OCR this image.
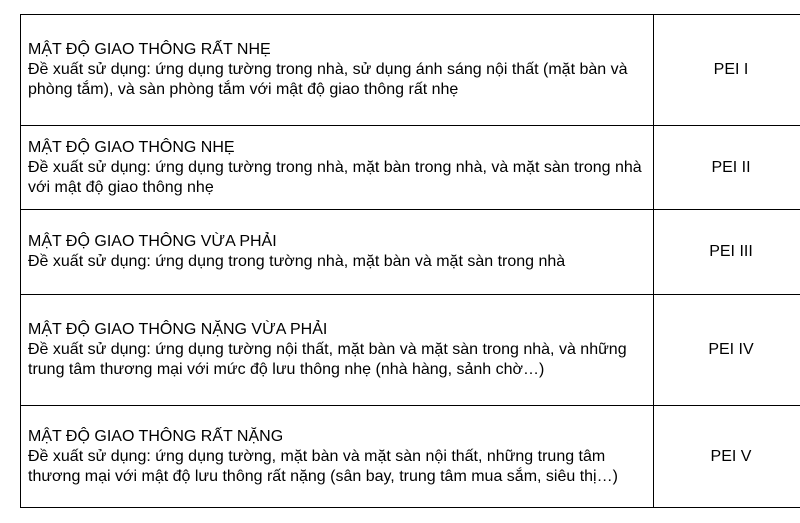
MẬT ĐỘ GIAO THÔNG RẤT NHẸ
Đề xuất sử dụng: ứng dụng tường trong nhà, sử dụng ánh sáng nội thất (mặt bàn và phòng tắm), và sàn phòng tắm với mật độ giao thông rất nhẹ	PEI I

MẬT ĐỘ GIAO THÔNG NHẸ
Đề xuất sử dụng: ứng dụng tường trong nhà, mặt bàn trong nhà, và mặt sàn trong nhà với mật độ giao thông nhẹ	PEI II

MẬT ĐỘ GIAO THÔNG VỪA PHẢI
Đề xuất sử dụng: ứng dụng trong tường nhà, mặt bàn và mặt sàn trong nhà	PEI III

MẬT ĐỘ GIAO THÔNG NẶNG VỪA PHẢI
Đề xuất sử dụng: ứng dụng tường nội thất, mặt bàn và mặt sàn trong nhà, và những trung tâm thương mại với mức độ lưu thông nhẹ (nhà hàng, sảnh chờ…)	PEI IV

MẬT ĐỘ GIAO THÔNG RẤT NẶNG
Đề xuất sử dụng: ứng dụng tường, mặt bàn và mặt sàn nội thất, những trung tâm thương mại với mật độ lưu thông rất nặng (sân bay, trung tâm mua sắm, siêu thị…)	PEI V
